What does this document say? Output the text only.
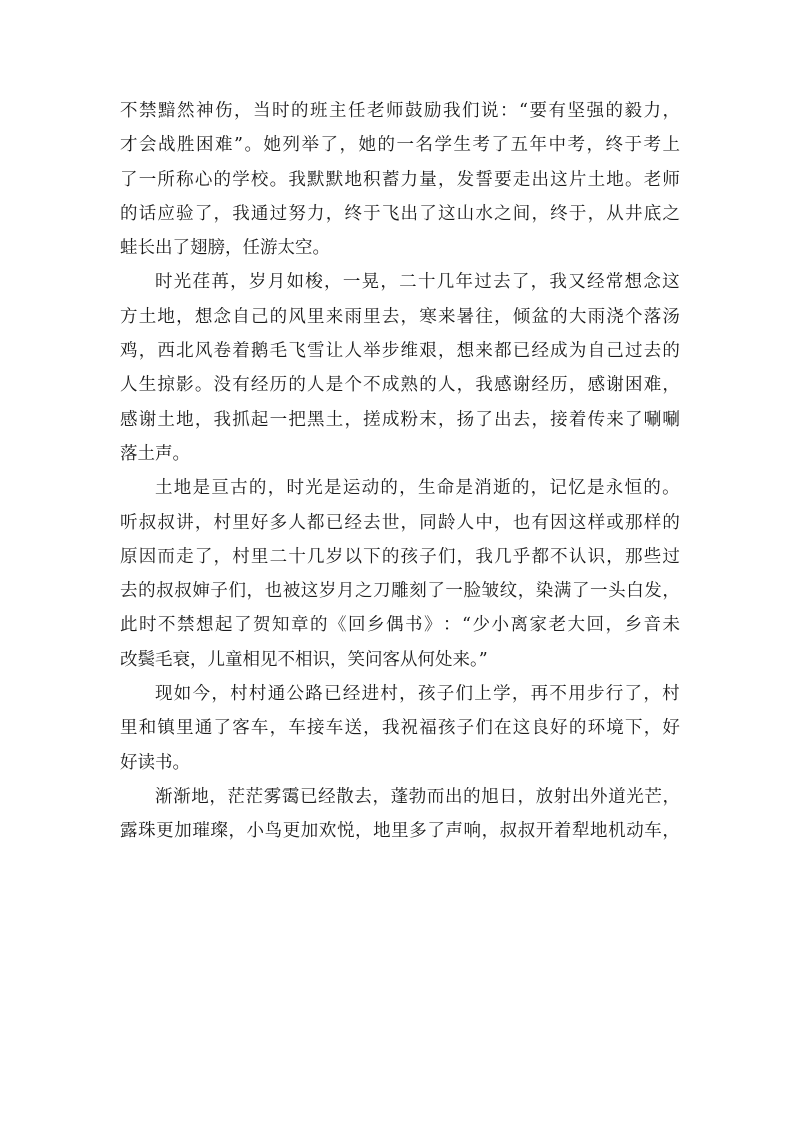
不 禁 黯 然 神 伤 ， 当 时 的 班 主 任 老 师 鼓 励 我 们 说 ： “ 要 有 坚 强 的 毅 力 ，
才 会 战 胜 困 难 ” 。 她 列 举 了 ， 她 的 一 名 学 生 考 了 五 年 中 考 ， 终 于 考 上
了 一 所 称 心 的 学 校 。 我 默 默 地 积 蓄 力 量 ， 发 誓 要 走 出 这 片 土 地 。 老 师
的 话 应 验 了 ， 我 通 过 努 力 ， 终 于 飞 出 了 这 山 水 之 间 ， 终 于 ， 从 井 底 之
蛙长出了翅膀，任游太空。
时 光 荏 苒 ， 岁 月 如 梭 ， 一 晃 ， 二 十 几 年 过 去 了 ， 我 又 经 常 想 念 这
方 土 地 ， 想 念 自 己 的 风 里 来 雨 里 去 ， 寒 来 暑 往 ， 倾 盆 的 大 雨 浇 个 落 汤
鸡 ， 西 北 风 卷 着 鹅 毛 飞 雪 让 人 举 步 维 艰 ， 想 来 都 已 经 成 为 自 己 过 去 的
人 生 掠 影 。 没 有 经 历 的 人 是 个 不 成 熟 的 人 ， 我 感 谢 经 历 ， 感 谢 困 难 ，
感 谢 土 地 ， 我 抓 起 一 把 黑 土 ， 搓 成 粉 末 ， 扬 了 出 去 ， 接 着 传 来 了 唰 唰
落土声。
土 地 是 亘 古 的 ， 时 光 是 运 动 的 ， 生 命 是 消 逝 的 ， 记 忆 是 永 恒 的 。
听 叔 叔 讲 ， 村 里 好 多 人 都 已 经 去 世 ， 同 龄 人 中 ， 也 有 因 这 样 或 那 样 的
原 因 而 走 了 ， 村 里 二 十 几 岁 以 下 的 孩 子 们 ， 我 几 乎 都 不 认 识 ， 那 些 过
去 的 叔 叔 婶 子 们 ， 也 被 这 岁 月 之 刀 雕 刻 了 一 脸 皱 纹 ， 染 满 了 一 头 白 发 ，
此 时 不 禁 想 起 了 贺 知 章 的 《 回 乡 偶 书 》 ： “ 少 小 离 家 老 大 回 ， 乡 音 未
改鬓毛衰，儿童相见不相识，笑问客从何处来。”
现 如 今 ， 村 村 通 公 路 已 经 进 村 ， 孩 子 们 上 学 ， 再 不 用 步 行 了 ， 村
里 和 镇 里 通 了 客 车 ， 车 接 车 送 ， 我 祝 福 孩 子 们 在 这 良 好 的 环 境 下 ， 好
好读书。
渐 渐 地 ， 茫 茫 雾 霭 已 经 散 去 ， 蓬 勃 而 出 的 旭 日 ， 放 射 出 外 道 光 芒 ，
露 珠 更 加 璀 璨 ， 小 鸟 更 加 欢 悦 ， 地 里 多 了 声 响 ， 叔 叔 开 着 犁 地 机 动 车 ，
